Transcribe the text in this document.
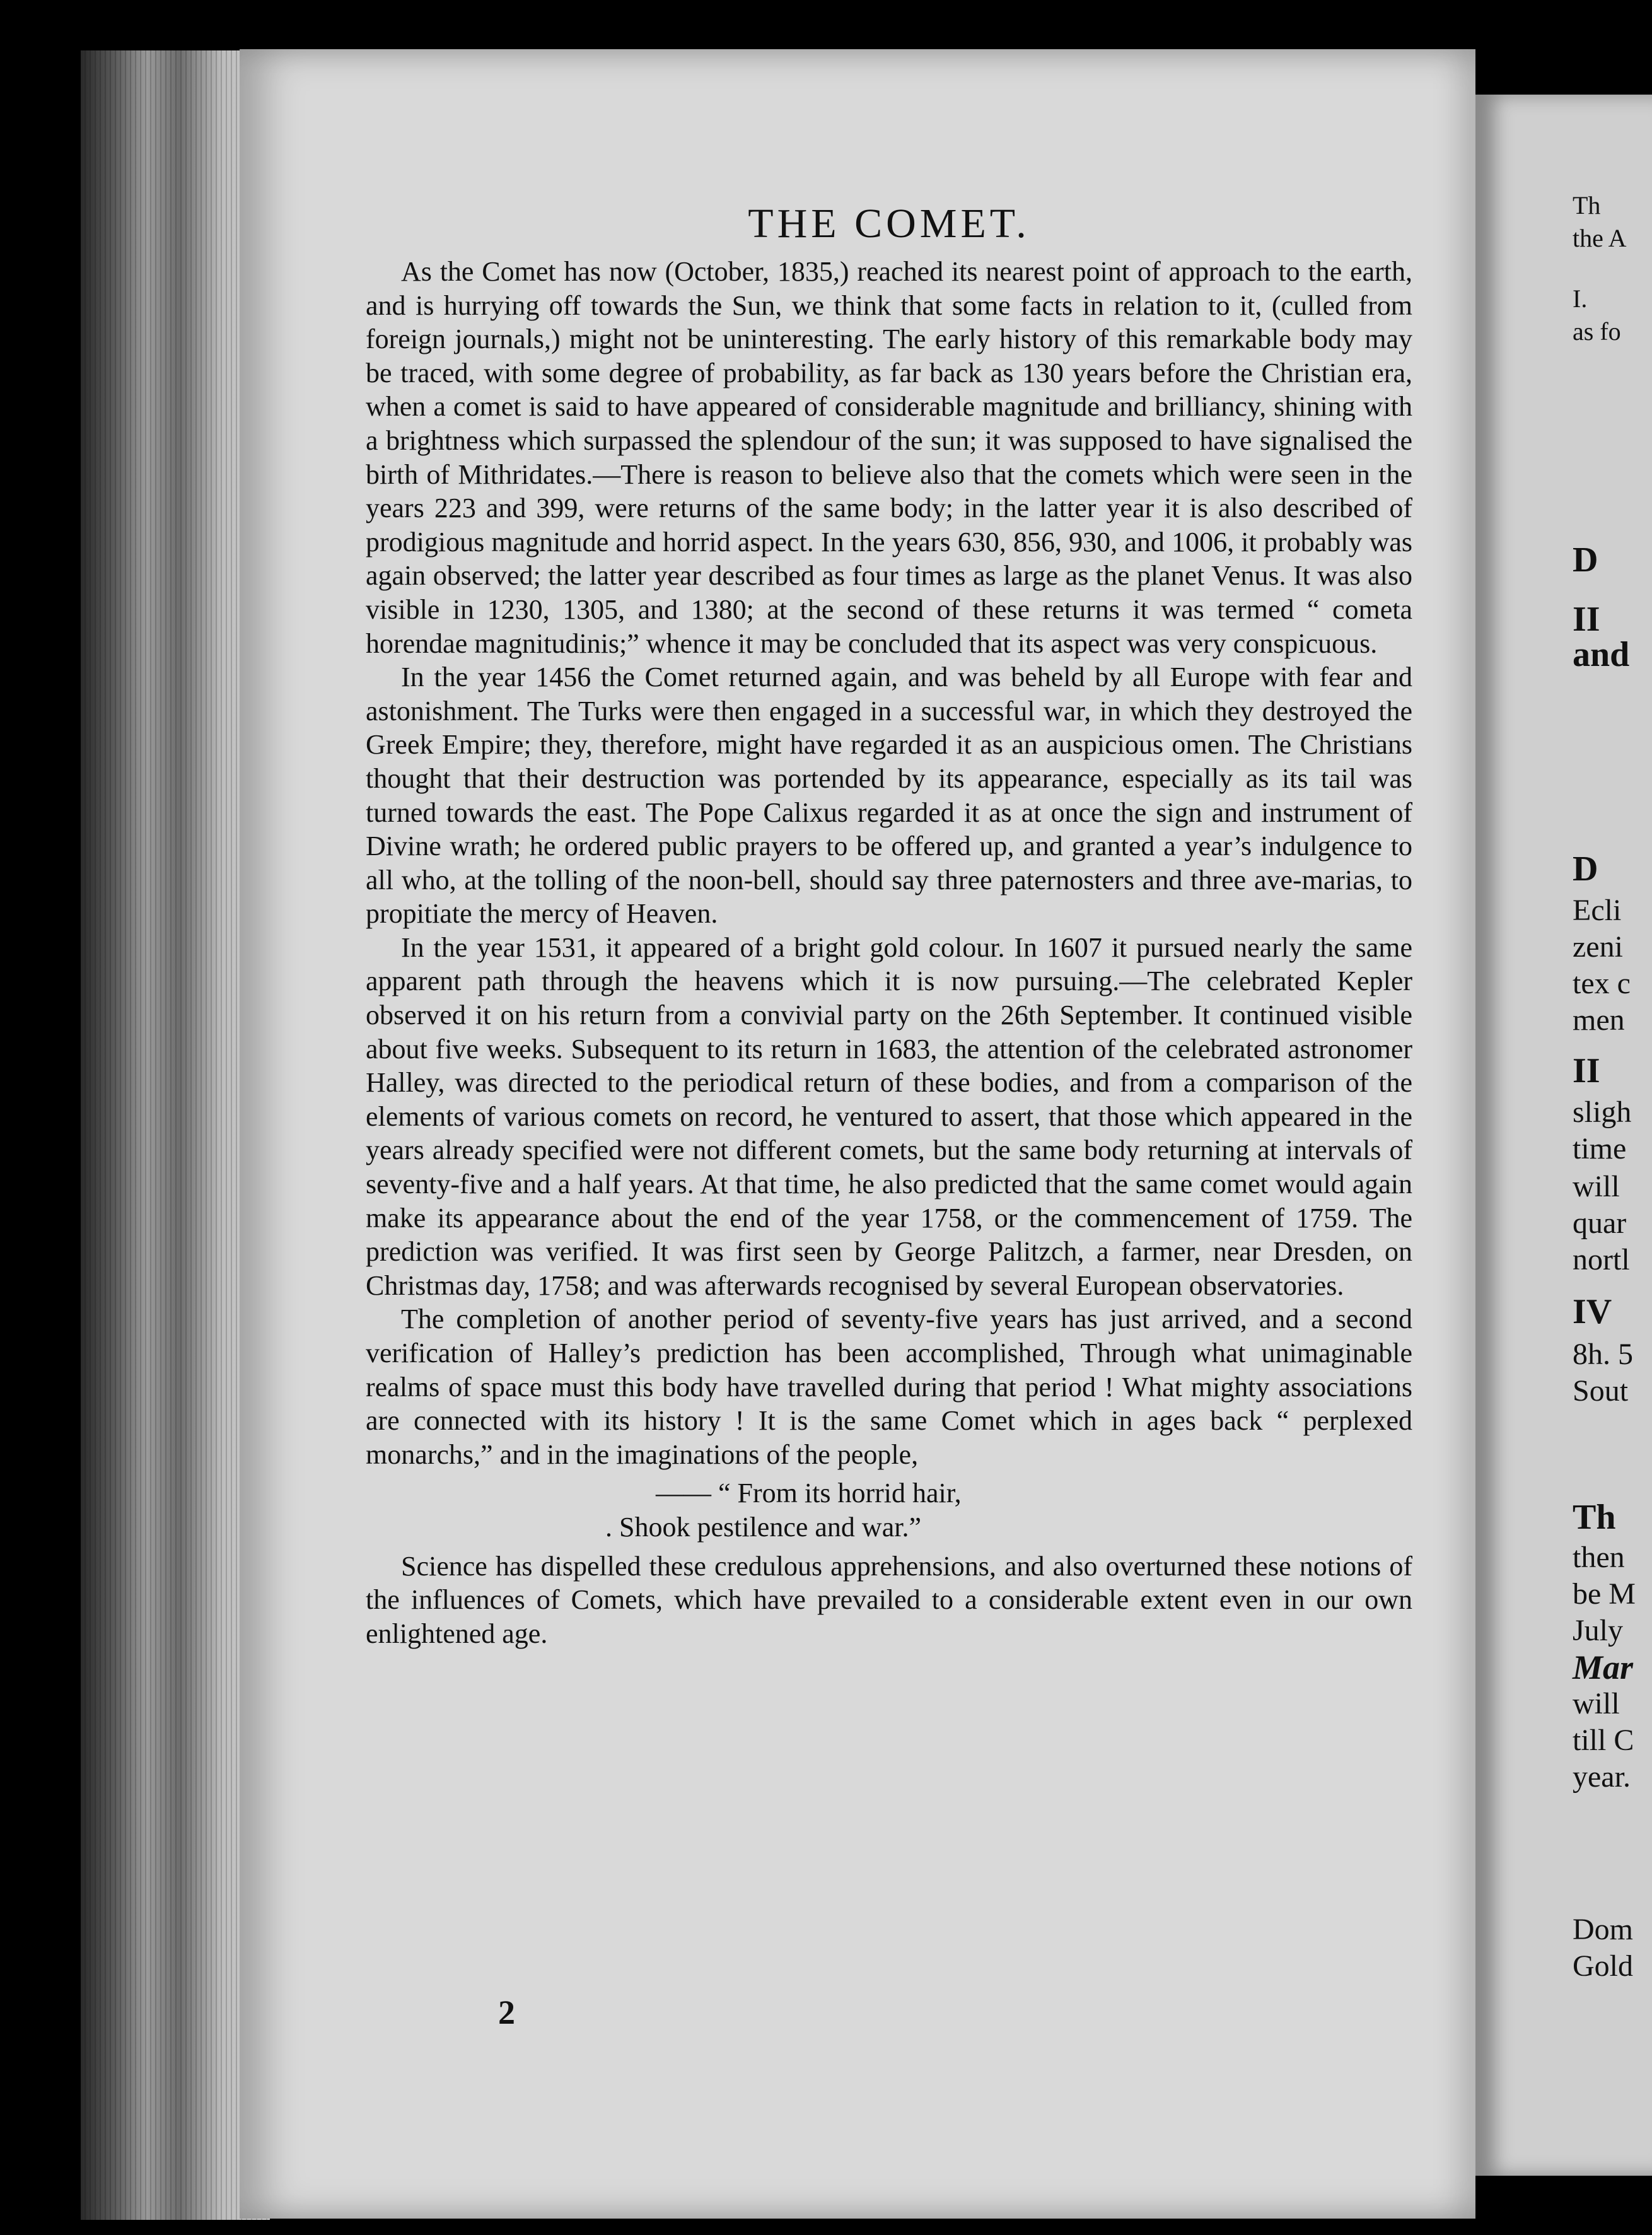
THE COMET.

As the Comet has now (October, 1835,) reached its nearest point of approach to the earth, and is hurrying off towards the Sun, we think that some facts in relation to it, (culled from foreign journals,) might not be uninteresting. The early history of this remarkable body may be traced, with some degree of probability, as far back as 130 years before the Christian era, when a comet is said to have appeared of considerable magnitude and brilliancy, shining with a brightness which surpassed the splendour of the sun; it was supposed to have signalised the birth of Mithridates.—There is reason to believe also that the comets which were seen in the years 223 and 399, were returns of the same body; in the latter year it is also described of prodigious magnitude and horrid aspect. In the years 630, 856, 930, and 1006, it probably was again observed; the latter year described as four times as large as the planet Venus. It was also visible in 1230, 1305, and 1380; at the second of these returns it was termed “ cometa horendae magnitudinis;” whence it may be concluded that its aspect was very conspicuous.

In the year 1456 the Comet returned again, and was beheld by all Europe with fear and astonishment. The Turks were then engaged in a successful war, in which they destroyed the Greek Empire; they, therefore, might have regarded it as an auspicious omen. The Christians thought that their destruction was portended by its appearance, especially as its tail was turned towards the east. The Pope Calixus regarded it as at once the sign and instrument of Divine wrath; he ordered public prayers to be offered up, and granted a year’s indulgence to all who, at the tolling of the noon-bell, should say three paternosters and three ave-marias, to propitiate the mercy of Heaven.

In the year 1531, it appeared of a bright gold colour. In 1607 it pursued nearly the same apparent path through the heavens which it is now pursuing.—The celebrated Kepler observed it on his return from a convivial party on the 26th September. It continued visible about five weeks. Subsequent to its return in 1683, the attention of the celebrated astronomer Halley, was directed to the periodical return of these bodies, and from a comparison of the elements of various comets on record, he ventured to assert, that those which appeared in the years already specified were not different comets, but the same body returning at intervals of seventy-five and a half years. At that time, he also predicted that the same comet would again make its appearance about the end of the year 1758, or the commencement of 1759. The prediction was verified. It was first seen by George Palitzch, a farmer, near Dresden, on Christmas day, 1758; and was afterwards recognised by several European observatories.

The completion of another period of seventy-five years has just arrived, and a second verification of Halley’s prediction has been accomplished, Through what unimaginable realms of space must this body have travelled during that period ! What mighty associations are connected with its history ! It is the same Comet which in ages back “ perplexed monarchs,” and in the imaginations of the people,

—— “ From its horrid hair,
. Shook pestilence and war.”

Science has dispelled these credulous apprehensions, and also overturned these notions of the influences of Comets, which have prevailed to a considerable extent even in our own enlightened age.

2
Th
the A
I.
as fo
D
II
and
D
Ecli
zeni
tex c
men
II
sligh
time
will
quar
nortl
IV
8h. 5
Sout
Th
then
be M
July
Mar
will
till C
year.
Dom
Gold
